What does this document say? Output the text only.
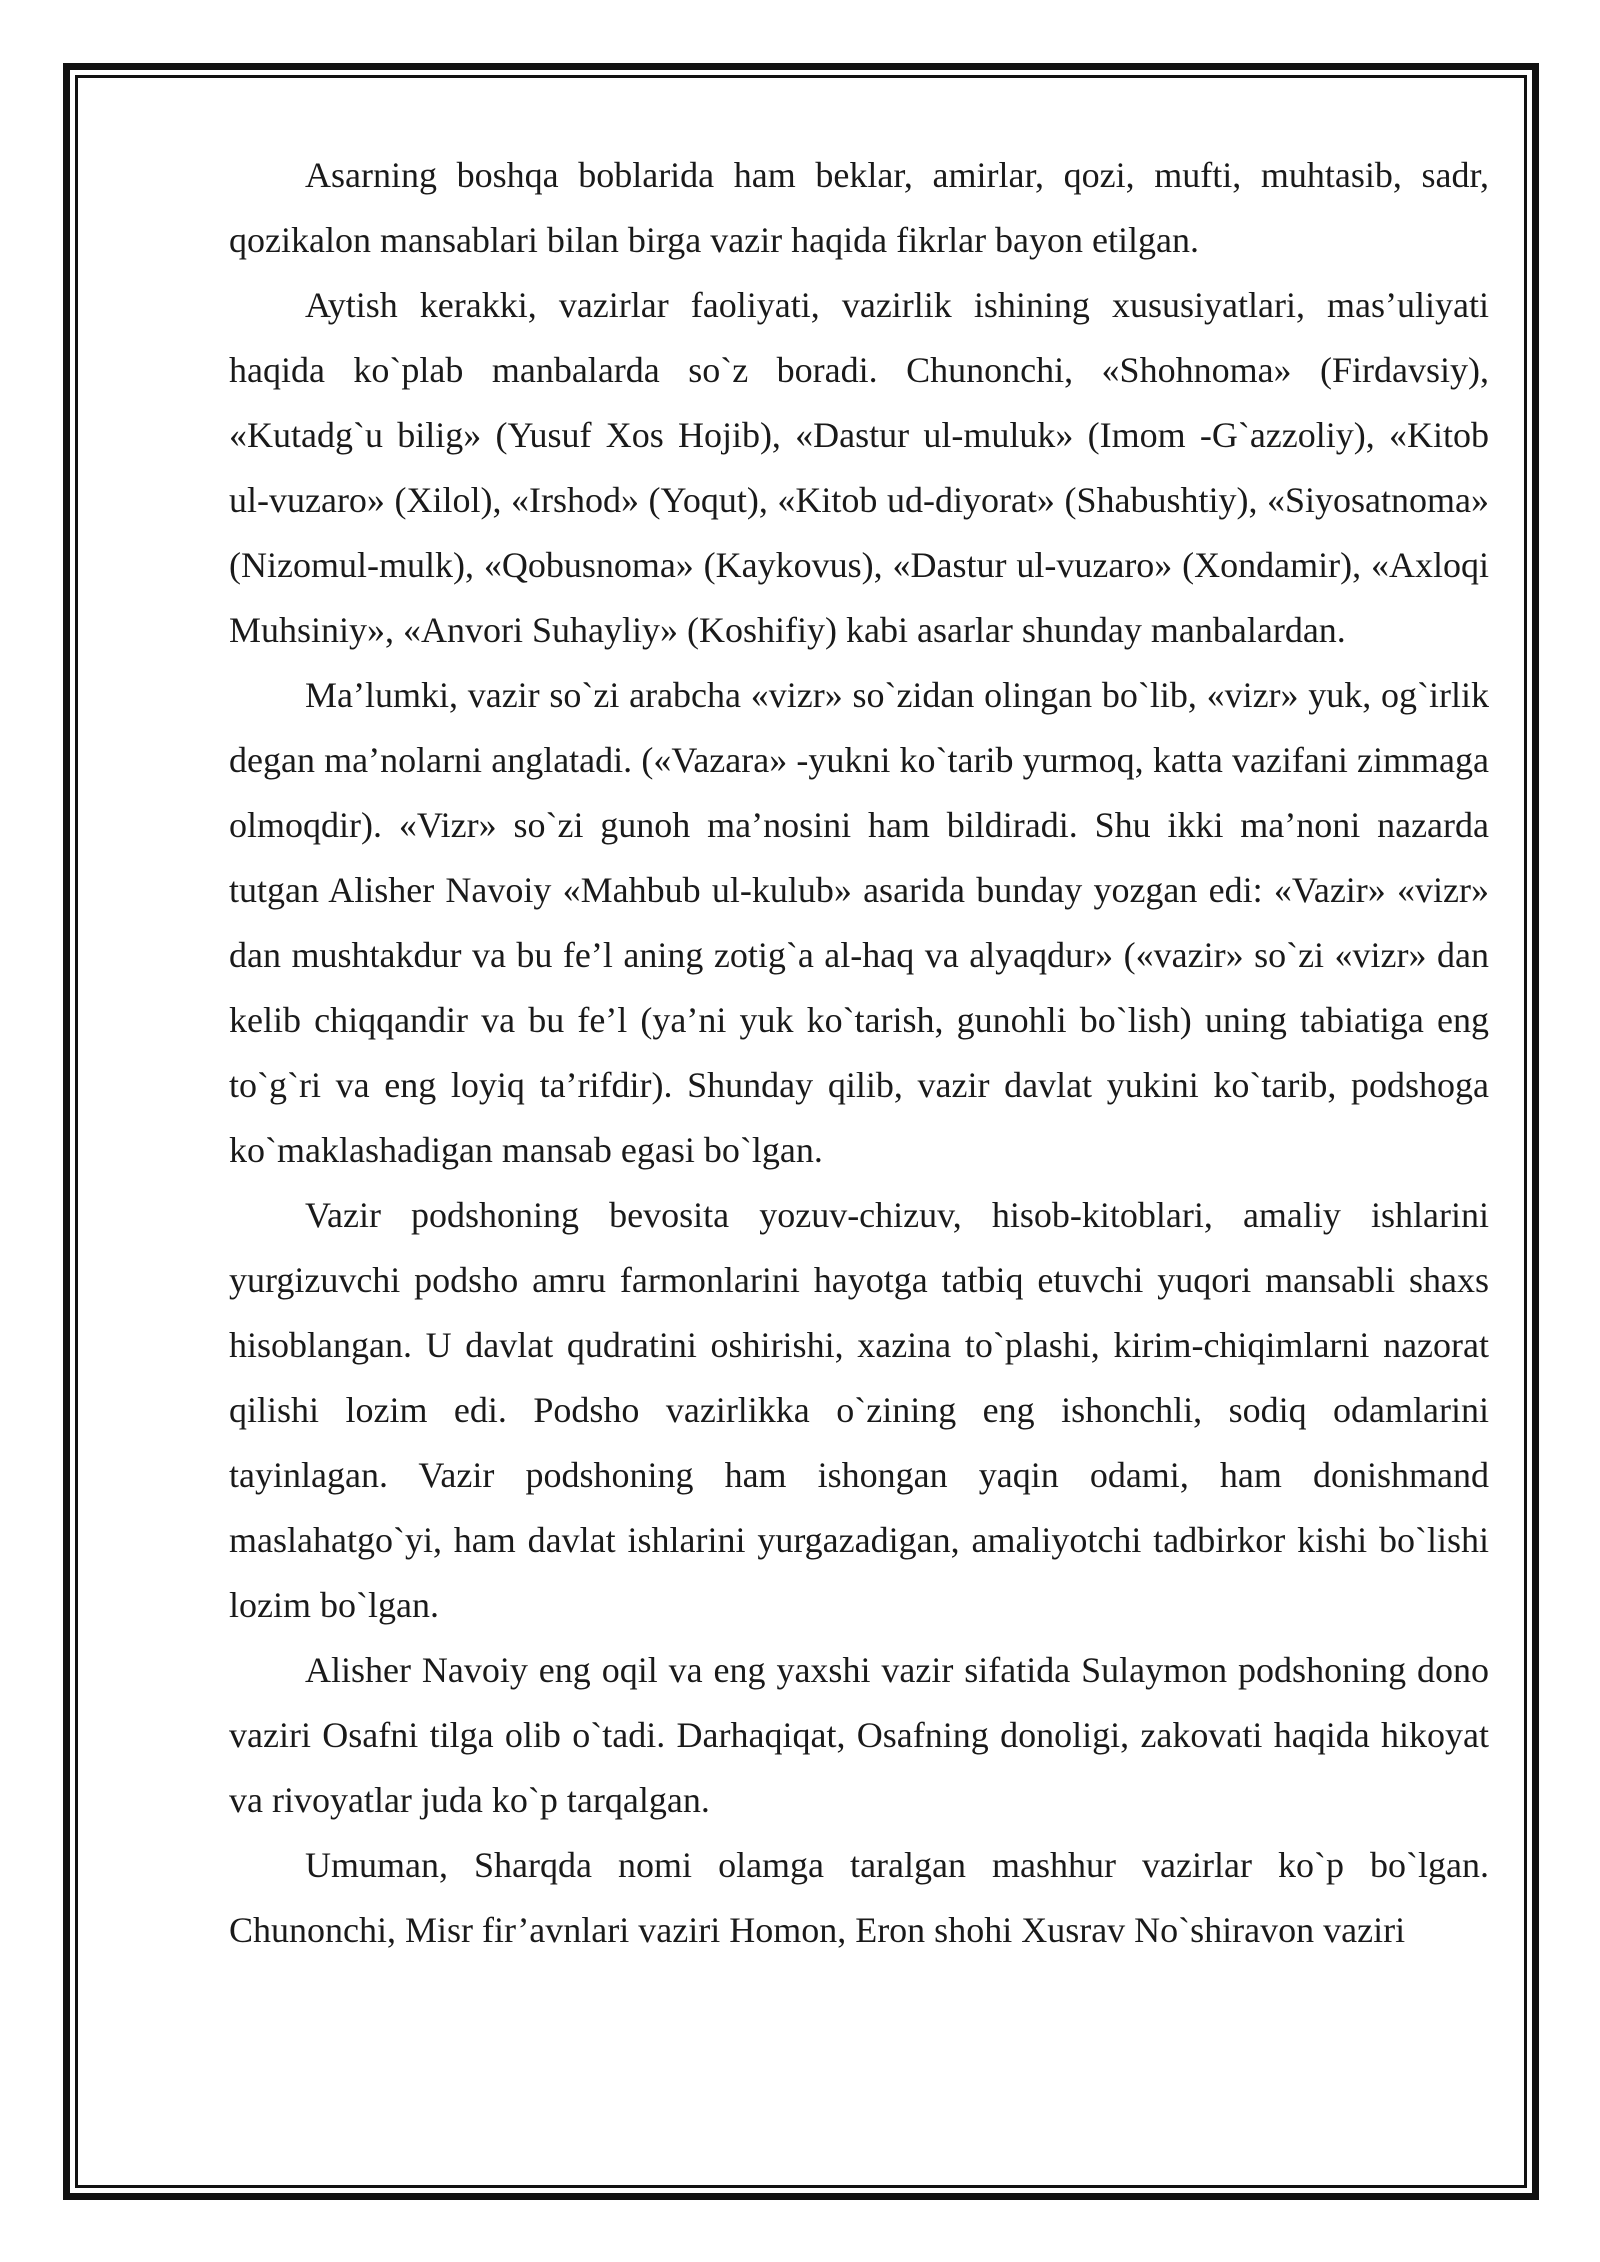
Asarning boshqa boblarida ham beklar, amirlar, qozi, mufti, muhtasib, sadr, qozikalon mansablari bilan birga vazir haqida fikrlar bayon etilgan.

Aytish kerakki, vazirlar faoliyati, vazirlik ishining xususiyatlari, mas’uliyati haqida ko`plab manbalarda so`z boradi. Chunonchi, «Shohnoma» (Firdavsiy), «Kutadg`u bilig» (Yusuf Xos Hojib), «Dastur ul-muluk» (Imom -G`azzoliy), «Kitob ul-vuzaro» (Xilol), «Irshod» (Yoqut), «Kitob ud-diyorat» (Shabushtiy), «Siyosatnoma» (Nizomul-mulk), «Qobusnoma» (Kaykovus), «Dastur ul-vuzaro» (Xondamir), «Axloqi Muhsiniy», «Anvori Suhayliy» (Koshifiy) kabi asarlar shunday manbalardan.

Ma’lumki, vazir so`zi arabcha «vizr» so`zidan olingan bo`lib, «vizr» yuk, og`irlik degan ma’nolarni anglatadi. («Vazara» -yukni ko`tarib yurmoq, katta vazifani zimmaga olmoqdir). «Vizr» so`zi gunoh ma’nosini ham bildiradi. Shu ikki ma’noni nazarda tutgan Alisher Navoiy «Mahbub ul-kulub» asarida bunday yozgan edi: «Vazir» «vizr» dan mushtakdur va bu fe’l aning zotig`a al-haq va alyaqdur» («vazir» so`zi «vizr» dan kelib chiqqandir va bu fe’l (ya’ni yuk ko`tarish, gunohli bo`lish) uning tabiatiga eng to`g`ri va eng loyiq ta’rifdir). Shunday qilib, vazir davlat yukini ko`tarib, podshoga ko`maklashadigan mansab egasi bo`lgan.

Vazir podshoning bevosita yozuv-chizuv, hisob-kitoblari, amaliy ishlarini yurgizuvchi podsho amru farmonlarini hayotga tatbiq etuvchi yuqori mansabli shaxs hisoblangan. U davlat qudratini oshirishi, xazina to`plashi, kirim-chiqimlarni nazorat qilishi lozim edi. Podsho vazirlikka o`zining eng ishonchli, sodiq odamlarini tayinlagan. Vazir podshoning ham ishongan yaqin odami, ham donishmand maslahatgo`yi, ham davlat ishlarini yurgazadigan, amaliyotchi tadbirkor kishi bo`lishi lozim bo`lgan.

Alisher Navoiy eng oqil va eng yaxshi vazir sifatida Sulaymon podshoning dono vaziri Osafni tilga olib o`tadi. Darhaqiqat, Osafning donoligi, zakovati haqida hikoyat va rivoyatlar juda ko`p tarqalgan.

Umuman, Sharqda nomi olamga taralgan mashhur vazirlar ko`p bo`lgan. Chunonchi, Misr fir’avnlari vaziri Homon, Eron shohi Xusrav No`shiravon vaziri
